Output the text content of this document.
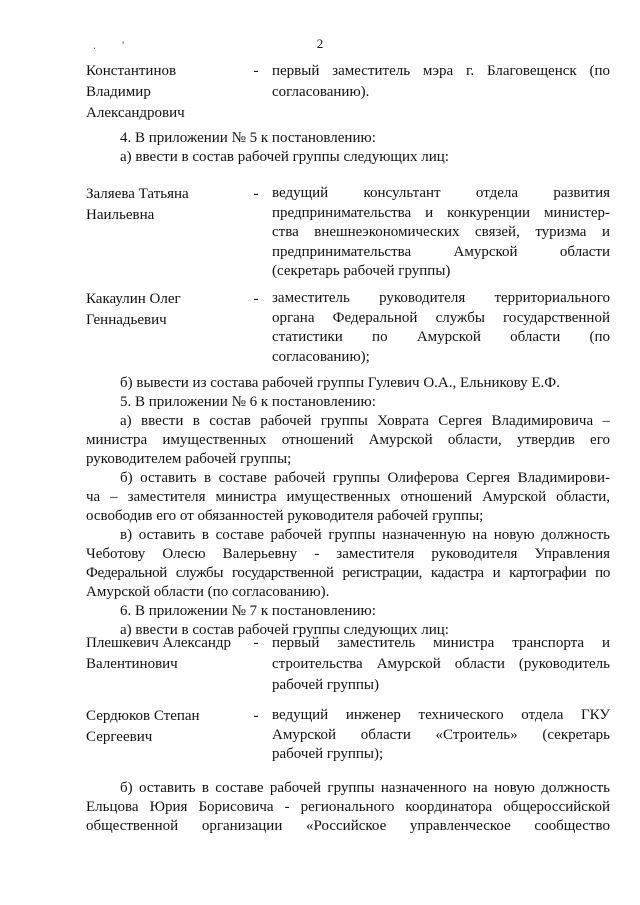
. '	2
Константинов
Владимир
Александрович
- первый заместитель мэра г. Благовещенск (по
согласованию).
4. В приложении № 5 к постановлению:
а) ввести в состав рабочей группы следующих лиц:
Заляева Татьяна
Наильевна
- ведущий консультант отдела развития
предпринимательства и конкуренции министер-
ства внешнеэкономических связей, туризма и
предпринимательства Амурской области
(секретарь рабочей группы)
Какаулин Олег
Геннадьевич
- заместитель руководителя территориального
органа Федеральной службы государственной
статистики по Амурской области (по
согласованию);
б) вывести из состава рабочей группы Гулевич О.А., Ельникову Е.Ф.
5. В приложении № 6 к постановлению:
а) ввести в состав рабочей группы Ховрата Сергея Владимировича –
министра имущественных отношений Амурской области, утвердив его
руководителем рабочей группы;
б) оставить в составе рабочей группы Олиферова Сергея Владимирови-
ча – заместителя министра имущественных отношений Амурской области,
освободив его от обязанностей руководителя рабочей группы;
в) оставить в составе рабочей группы назначенную на новую должность
Чеботову Олесю Валерьевну - заместителя руководителя Управления
Федеральной службы государственной регистрации, кадастра и картографии по
Амурской области (по согласованию).
6. В приложении № 7 к постановлению:
а) ввести в состав рабочей группы следующих лиц:
Плешкевич Александр
Валентинович
- первый заместитель министра транспорта и
строительства Амурской области (руководитель
рабочей группы)
Сердюков Степан
Сергеевич
- ведущий инженер технического отдела ГКУ
Амурской области «Строитель» (секретарь
рабочей группы);
б) оставить в составе рабочей группы назначенного на новую должность
Ельцова Юрия Борисовича - регионального координатора общероссийской
общественной организации «Российское управленческое сообщество
